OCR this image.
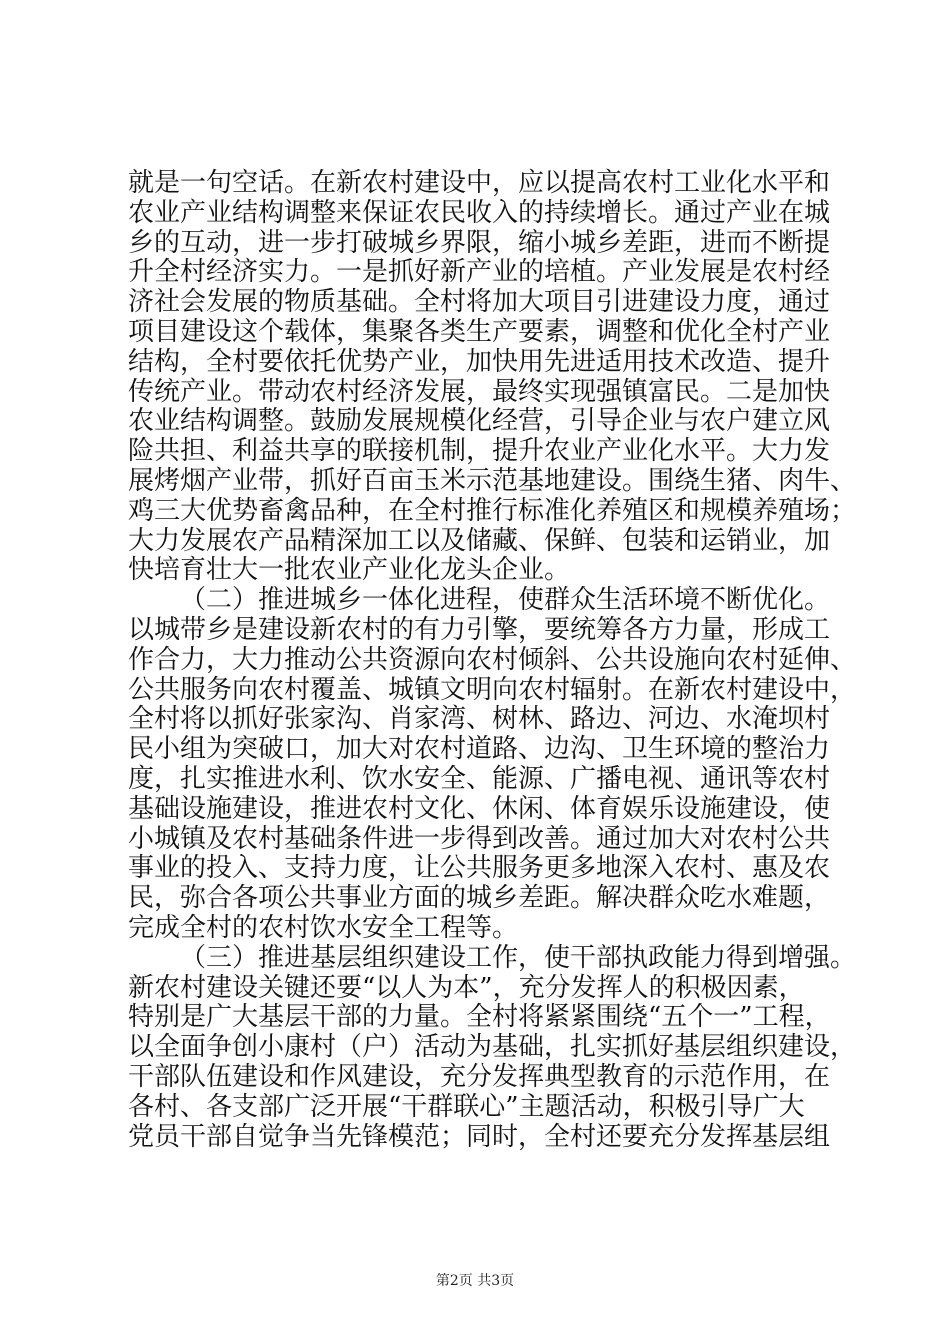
就是一句空话。在新农村建设中，应以提高农村工业化水平和
农业产业结构调整来保证农民收入的持续增长。通过产业在城
乡的互动，进一步打破城乡界限，缩小城乡差距，进而不断提
升全村经济实力。一是抓好新产业的培植。产业发展是农村经
济社会发展的物质基础。全村将加大项目引进建设力度，通过
项目建设这个载体，集聚各类生产要素，调整和优化全村产业
结构，全村要依托优势产业，加快用先进适用技术改造、提升
传统产业。带动农村经济发展，最终实现强镇富民。二是加快
农业结构调整。鼓励发展规模化经营，引导企业与农户建立风
险共担、利益共享的联接机制，提升农业产业化水平。大力发
展烤烟产业带，抓好百亩玉米示范基地建设。围绕生猪、肉牛、
鸡三大优势畜禽品种，在全村推行标准化养殖区和规模养殖场；
大力发展农产品精深加工以及储藏、保鲜、包装和运销业，加
快培育壮大一批农业产业化龙头企业。
（二）推进城乡一体化进程，使群众生活环境不断优化。
以城带乡是建设新农村的有力引擎，要统筹各方力量，形成工
作合力，大力推动公共资源向农村倾斜、公共设施向农村延伸、
公共服务向农村覆盖、城镇文明向农村辐射。在新农村建设中，
全村将以抓好张家沟、肖家湾、树林、路边、河边、水淹坝村
民小组为突破口，加大对农村道路、边沟、卫生环境的整治力
度，扎实推进水利、饮水安全、能源、广播电视、通讯等农村
基础设施建设，推进农村文化、休闲、体育娱乐设施建设，使
小城镇及农村基础条件进一步得到改善。通过加大对农村公共
事业的投入、支持力度，让公共服务更多地深入农村、惠及农
民，弥合各项公共事业方面的城乡差距。解决群众吃水难题，
完成全村的农村饮水安全工程等。
（三）推进基层组织建设工作，使干部执政能力得到增强。
新农村建设关键还要“以人为本”，充分发挥人的积极因素，
特别是广大基层干部的力量。全村将紧紧围绕“五个一”工程，
以全面争创小康村（户）活动为基础，扎实抓好基层组织建设，
干部队伍建设和作风建设，充分发挥典型教育的示范作用，在
各村、各支部广泛开展“干群联心”主题活动，积极引导广大
党员干部自觉争当先锋模范；同时，全村还要充分发挥基层组
第2页 共3页
